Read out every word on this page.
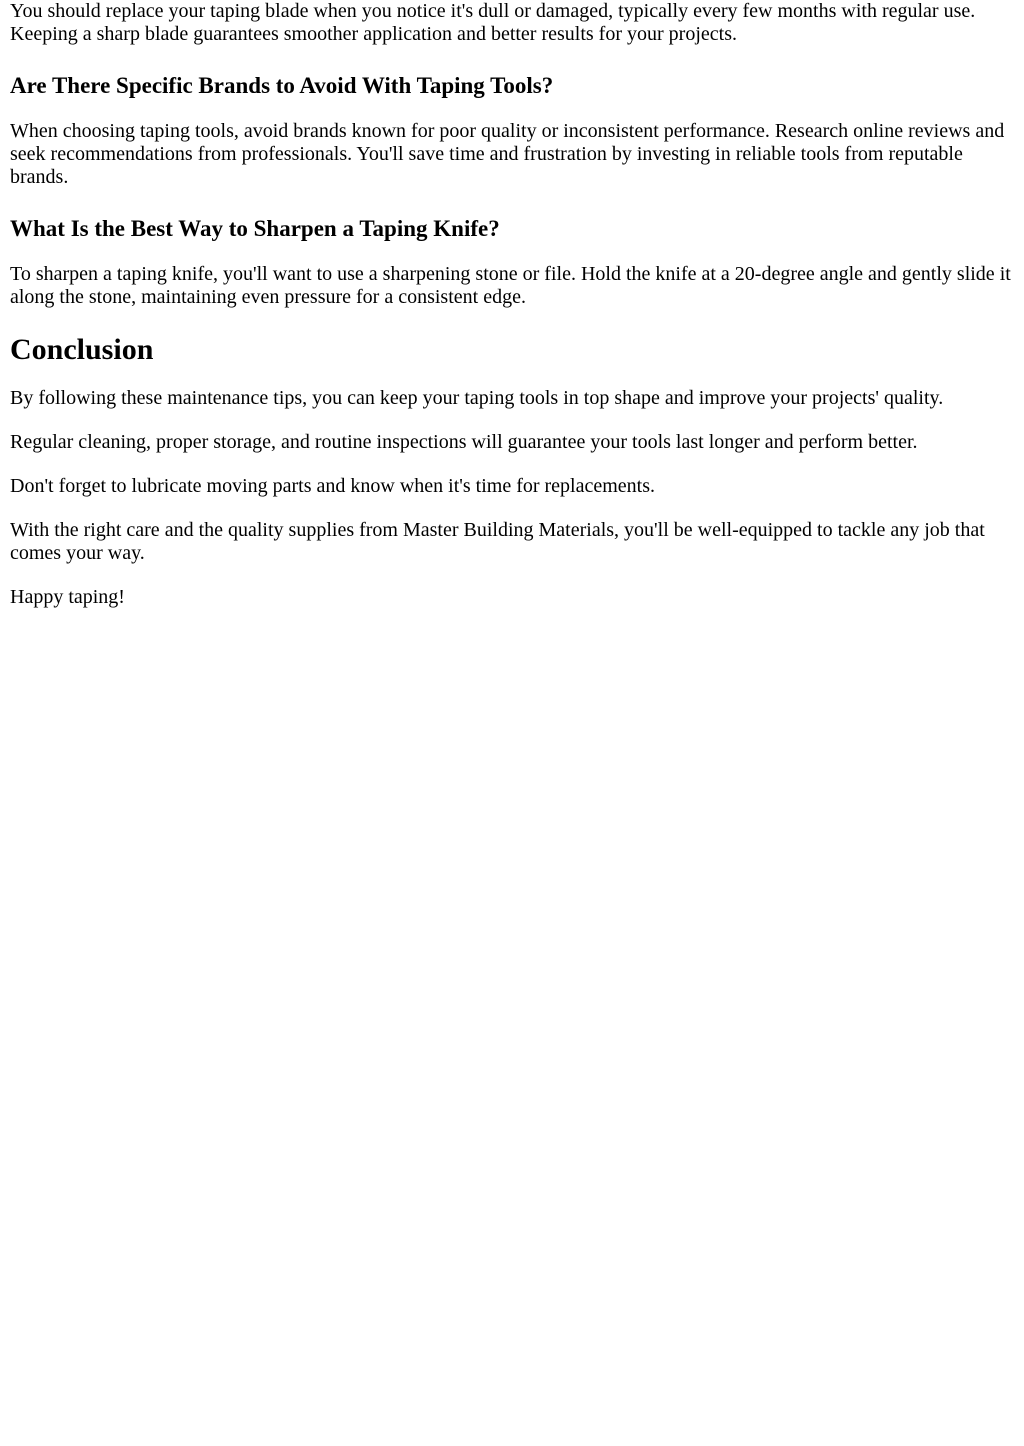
You should replace your taping blade when you notice it's dull or damaged, typically every few months with regular use. Keeping a sharp blade guarantees smoother application and better results for your projects.

Are There Specific Brands to Avoid With Taping Tools?

When choosing taping tools, avoid brands known for poor quality or inconsistent performance. Research online reviews and seek recommendations from professionals. You'll save time and frustration by investing in reliable tools from reputable brands.

What Is the Best Way to Sharpen a Taping Knife?

To sharpen a taping knife, you'll want to use a sharpening stone or file. Hold the knife at a 20-degree angle and gently slide it along the stone, maintaining even pressure for a consistent edge.

Conclusion

By following these maintenance tips, you can keep your taping tools in top shape and improve your projects' quality.

Regular cleaning, proper storage, and routine inspections will guarantee your tools last longer and perform better.

Don't forget to lubricate moving parts and know when it's time for replacements.

With the right care and the quality supplies from Master Building Materials, you'll be well-equipped to tackle any job that comes your way.

Happy taping!
